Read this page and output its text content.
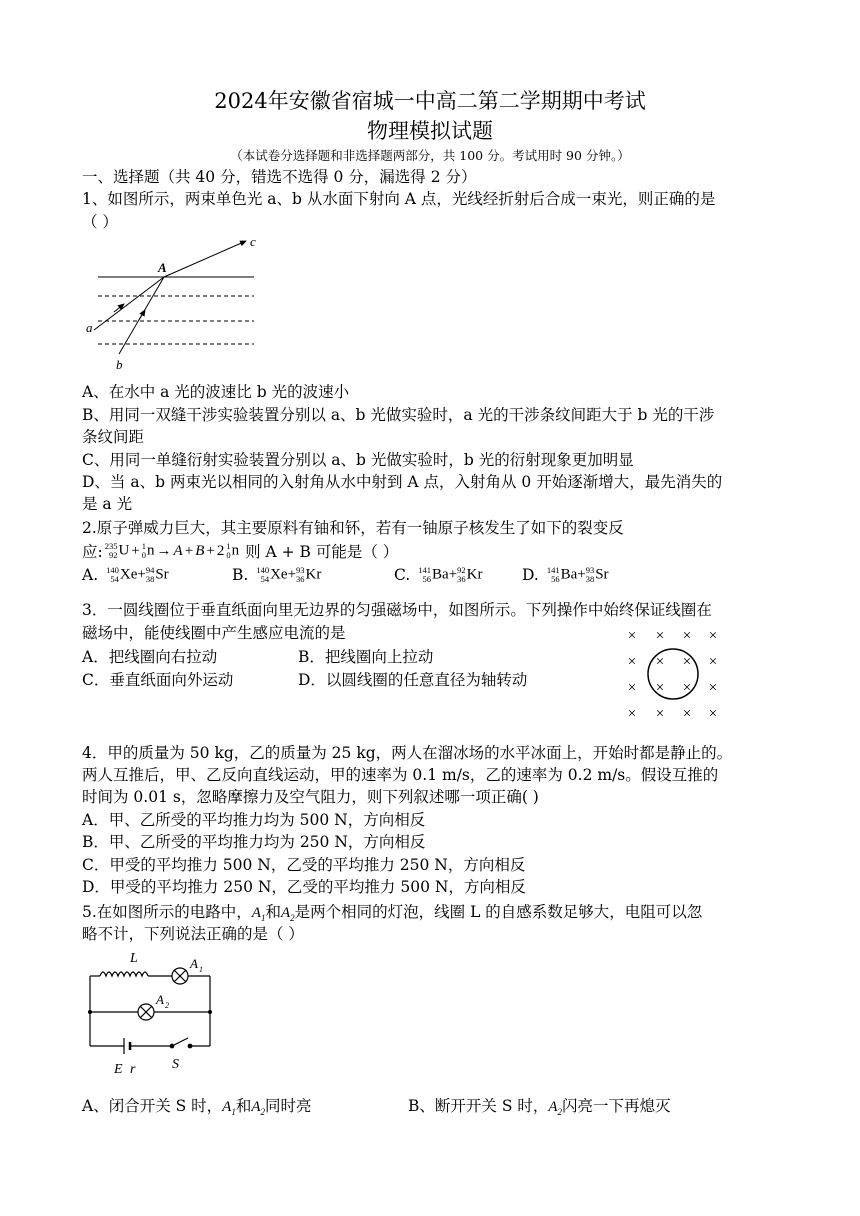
2024年安徽省宿城一中高二第二学期期中考试
物理模拟试题
（本试卷分选择题和非选择题两部分，共 100 分。考试用时 90 分钟。）
一、选择题（共 40 分，错选不选得 0 分，漏选得 2 分）
1、如图所示，两束单色光 a、b 从水面下射向 A 点，光线经折射后合成一束光，则正确的是
（ ）
A
a
b
c
A、在水中 a 光的波速比 b 光的波速小
B、用同一双缝干涉实验装置分别以 a、b 光做实验时，a 光的干涉条纹间距大于 b 光的干涉
条纹间距
C、用同一单缝衍射实验装置分别以 a、b 光做实验时，b 光的衍射现象更加明显
D、当 a、b 两束光以相同的入射角从水中射到 A 点，入射角从 0 开始逐渐增大，最先消失的
是 a 光
2.原子弹威力巨大，其主要原料有铀和钚，若有一铀原子核发生了如下的裂变反
应: 235
92 U + 1
0 n → A + B + 2 1
0 n 则 A + B 可能是（ ）
A. 140
54 Xe+ 94
38 Sr	B. 140
54 Xe+ 93
36 Kr	C. 141
56 Ba+ 92
36 Kr	D. 141
56 Ba+ 93
38 Sr
3．一圆线圈位于垂直纸面向里无边界的匀强磁场中，如图所示。下列操作中始终保证线圈在
磁场中，能使线圈中产生感应电流的是
A．把线圈向右拉动	B．把线圈向上拉动
C．垂直纸面向外运动	D．以圆线圈的任意直径为轴转动
× × × ×
× × × ×
× × × ×
× × × ×
4．甲的质量为 50 kg，乙的质量为 25 kg，两人在溜冰场的水平冰面上，开始时都是静止的。
两人互推后，甲、乙反向直线运动，甲的速率为 0.1 m/s，乙的速率为 0.2 m/s。假设互推的
时间为 0.01 s，忽略摩擦力及空气阻力，则下列叙述哪一项正确( )
A．甲、乙所受的平均推力均为 500 N，方向相反
B．甲、乙所受的平均推力均为 250 N，方向相反
C．甲受的平均推力 500 N，乙受的平均推力 250 N，方向相反
D．甲受的平均推力 250 N，乙受的平均推力 500 N，方向相反
5.在如图所示的电路中， $A_1$ 和 $A_2$ 是两个相同的灯泡，线圈 L 的自感系数足够大，电阻可以忽
略不计，下列说法正确的是（ ）
L	A 1
A 2
E r	S
A、闭合开关 S 时， $A_1$ 和 $A_2$ 同时亮	B、断开开关 S 时， $A_2$ 闪亮一下再熄灭
